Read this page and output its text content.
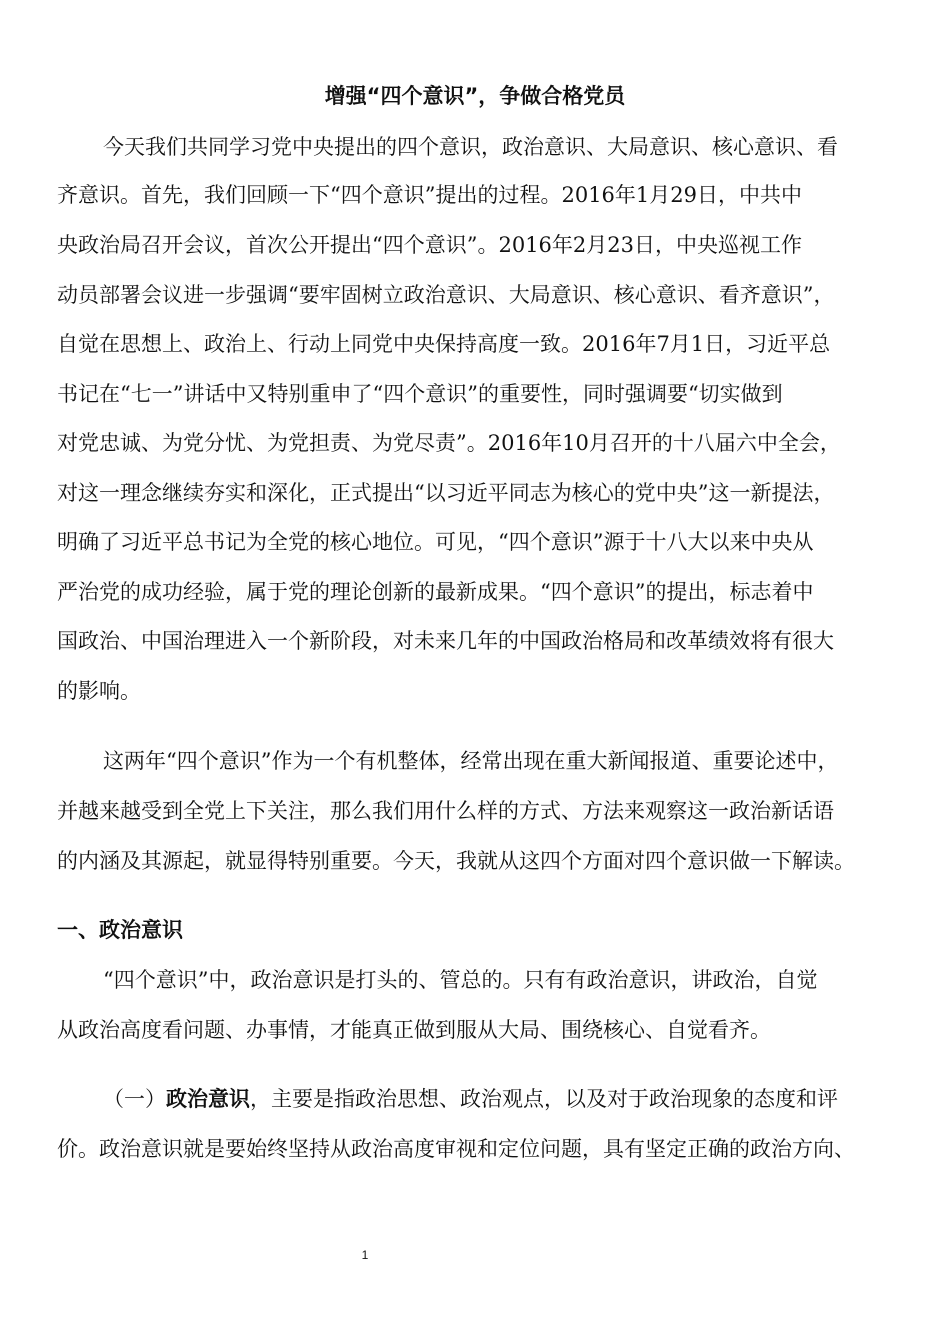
增强“四个意识”，争做合格党员
今天我们共同学习党中央提出的四个意识，政治意识、大局意识、核心意识、看
齐意识。首先，我们回顾一下“四个意识”提出的过程。2016年1月29日，中共中
央政治局召开会议，首次公开提出“四个意识”。2016年2月23日，中央巡视工作
动员部署会议进一步强调“要牢固树立政治意识、大局意识、核心意识、看齐意识”，
自觉在思想上、政治上、行动上同党中央保持高度一致。2016年7月1日，习近平总
书记在“七一”讲话中又特别重申了“四个意识”的重要性，同时强调要“切实做到
对党忠诚、为党分忧、为党担责、为党尽责”。2016年10月召开的十八届六中全会，
对这一理念继续夯实和深化，正式提出“以习近平同志为核心的党中央”这一新提法，
明确了习近平总书记为全党的核心地位。可见，“四个意识”源于十八大以来中央从
严治党的成功经验，属于党的理论创新的最新成果。“四个意识”的提出，标志着中
国政治、中国治理进入一个新阶段，对未来几年的中国政治格局和改革绩效将有很大
的影响。
这两年“四个意识”作为一个有机整体，经常出现在重大新闻报道、重要论述中，
并越来越受到全党上下关注，那么我们用什么样的方式、方法来观察这一政治新话语
的内涵及其源起，就显得特别重要。今天，我就从这四个方面对四个意识做一下解读。
一、政治意识
“四个意识”中，政治意识是打头的、管总的。只有有政治意识，讲政治，自觉
从政治高度看问题、办事情，才能真正做到服从大局、围绕核心、自觉看齐。
（一）政治意识，主要是指政治思想、政治观点，以及对于政治现象的态度和评
价。政治意识就是要始终坚持从政治高度审视和定位问题，具有坚定正确的政治方向、
1
